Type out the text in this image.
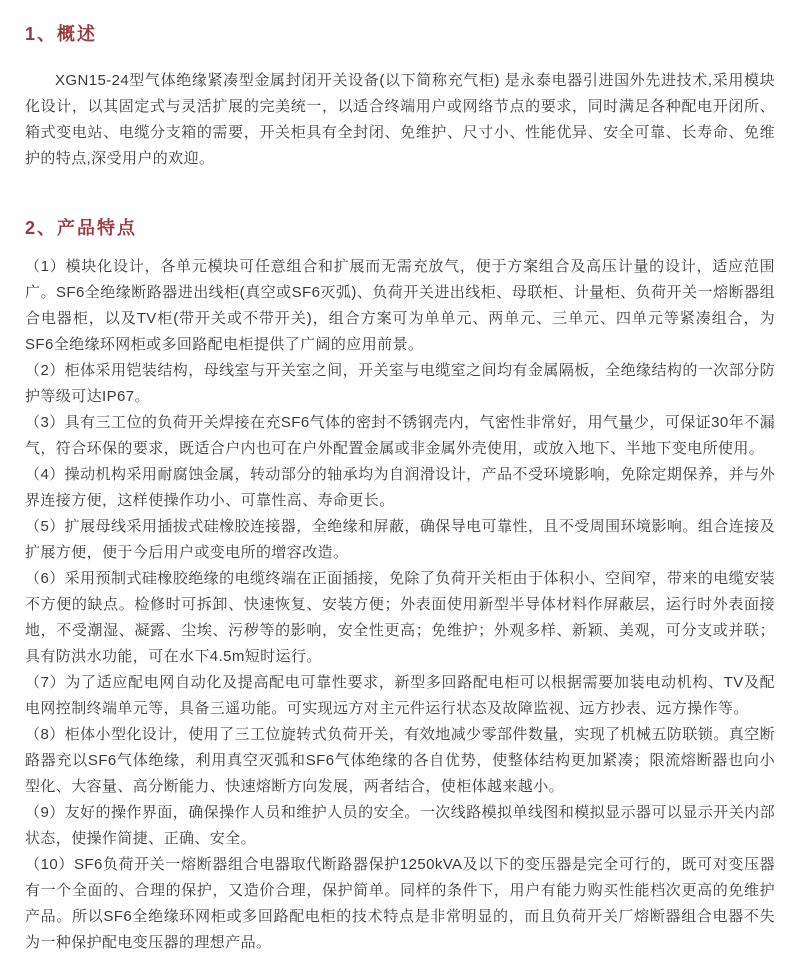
1、概述

XGN15-24型气体绝缘紧凑型金属封闭开关设备(以下简称充气柜) 是永泰电器引进国外先进技术,采用模块化设计，以其固定式与灵活扩展的完美统一，以适合终端用户或网络节点的要求，同时满足各种配电开闭所、箱式变电站、电缆分支箱的需要，开关柜具有全封闭、免维护、尺寸小、性能优异、安全可靠、长寿命、免维护的特点,深受用户的欢迎。

2、产品特点

（1）模块化设计，各单元模块可任意组合和扩展而无需充放气，便于方案组合及高压计量的设计，适应范围广。SF6全绝缘断路器进出线柜(真空或SF6灭弧)、负荷开关进出线柜、母联柜、计量柜、负荷开关一熔断器组合电器柜，以及TV柜(带开关或不带开关)，组合方案可为单单元、两单元、三单元、四单元等紧凑组合，为SF6全绝缘环网柜或多回路配电柜提供了广阔的应用前景。

（2）柜体采用铠装结构，母线室与开关室之间，开关室与电缆室之间均有金属隔板，全绝缘结构的一次部分防护等级可达IP67。

（3）具有三工位的负荷开关焊接在充SF6气体的密封不锈钢壳内，气密性非常好，用气量少，可保证30年不漏气，符合环保的要求，既适合户内也可在户外配置金属或非金属外壳使用，或放入地下、半地下变电所使用。

（4）操动机构采用耐腐蚀金属，转动部分的轴承均为自润滑设计，产品不受环境影响，免除定期保养，并与外界连接方便，这样使操作功小、可靠性高、寿命更长。

（5）扩展母线采用插拔式硅橡胶连接器，全绝缘和屏蔽，确保导电可靠性，且不受周围环境影响。组合连接及扩展方便，便于今后用户或变电所的增容改造。

（6）采用预制式硅橡胶绝缘的电缆终端在正面插接，免除了负荷开关柜由于体积小、空间窄，带来的电缆安装不方便的缺点。检修时可拆卸、快速恢复、安装方便；外表面使用新型半导体材料作屏蔽层，运行时外表面接地，不受潮湿、凝露、尘埃、污秽等的影响，安全性更高；免维护；外观多样、新颖、美观，可分支或并联；具有防洪水功能，可在水下4.5m短时运行。

（7）为了适应配电网自动化及提高配电可靠性要求，新型多回路配电柜可以根据需要加装电动机构、TV及配电网控制终端单元等，具备三遥功能。可实现远方对主元件运行状态及故障监视、远方抄表、远方操作等。

（8）柜体小型化设计，使用了三工位旋转式负荷开关，有效地减少零部件数量，实现了机械五防联锁。真空断路器充以SF6气体绝缘，利用真空灭弧和SF6气体绝缘的各自优势，使整体结构更加紧凑；限流熔断器也向小型化、大容量、高分断能力、快速熔断方向发展，两者结合，使柜体越来越小。

（9）友好的操作界面，确保操作人员和维护人员的安全。一次线路模拟单线图和模拟显示器可以显示开关内部状态，使操作简捷、正确、安全。

（10）SF6负荷开关一熔断器组合电器取代断路器保护1250kVA及以下的变压器是完全可行的，既可对变压器有一个全面的、合理的保护，又造价合理，保护简单。同样的条件下，用户有能力购买性能档次更高的免维护产品。所以SF6全绝缘环网柜或多回路配电柜的技术特点是非常明显的，而且负荷开关厂熔断器组合电器不失为一种保护配电变压器的理想产品。
